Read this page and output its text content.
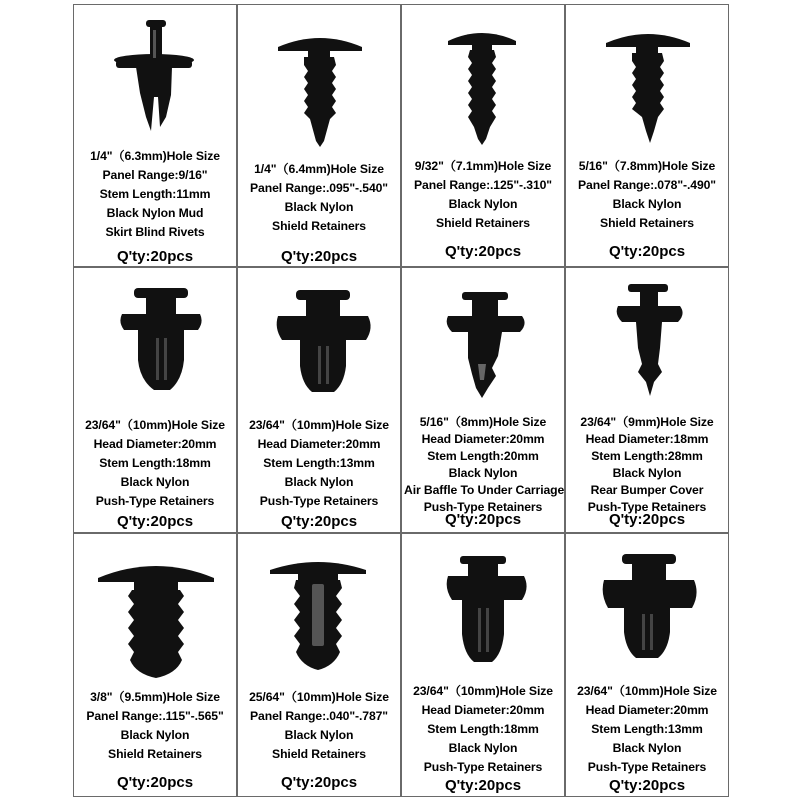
1/4"（6.3mm)Hole Size
Panel Range:9/16"
Stem Length:11mm
Black Nylon Mud
Skirt Blind Rivets
Q'ty:20pcs
1/4"（6.4mm)Hole Size
Panel Range:.095"-.540"
Black Nylon
Shield Retainers
Q'ty:20pcs
9/32"（7.1mm)Hole Size
Panel Range:.125"-.310"
Black Nylon
Shield Retainers
Q'ty:20pcs
5/16"（7.8mm)Hole Size
Panel Range:.078"-.490"
Black Nylon
Shield Retainers
Q'ty:20pcs
23/64"（10mm)Hole Size
Head Diameter:20mm
Stem Length:18mm
Black Nylon
Push-Type Retainers
Q'ty:20pcs
23/64"（10mm)Hole Size
Head Diameter:20mm
Stem Length:13mm
Black Nylon
Push-Type Retainers
Q'ty:20pcs
5/16"（8mm)Hole Size
Head Diameter:20mm
Stem Length:20mm
Black Nylon
Air Baffle To Under Carriage
Push-Type Retainers
Q'ty:20pcs
23/64"（9mm)Hole Size
Head Diameter:18mm
Stem Length:28mm
Black Nylon
Rear Bumper Cover
Push-Type Retainers
Q'ty:20pcs
3/8"（9.5mm)Hole Size
Panel Range:.115"-.565"
Black Nylon
Shield Retainers
Q'ty:20pcs
25/64"（10mm)Hole Size
Panel Range:.040"-.787"
Black Nylon
Shield Retainers
Q'ty:20pcs
23/64"（10mm)Hole Size
Head Diameter:20mm
Stem Length:18mm
Black Nylon
Push-Type Retainers
Q'ty:20pcs
23/64"（10mm)Hole Size
Head Diameter:20mm
Stem Length:13mm
Black Nylon
Push-Type Retainers
Q'ty:20pcs
